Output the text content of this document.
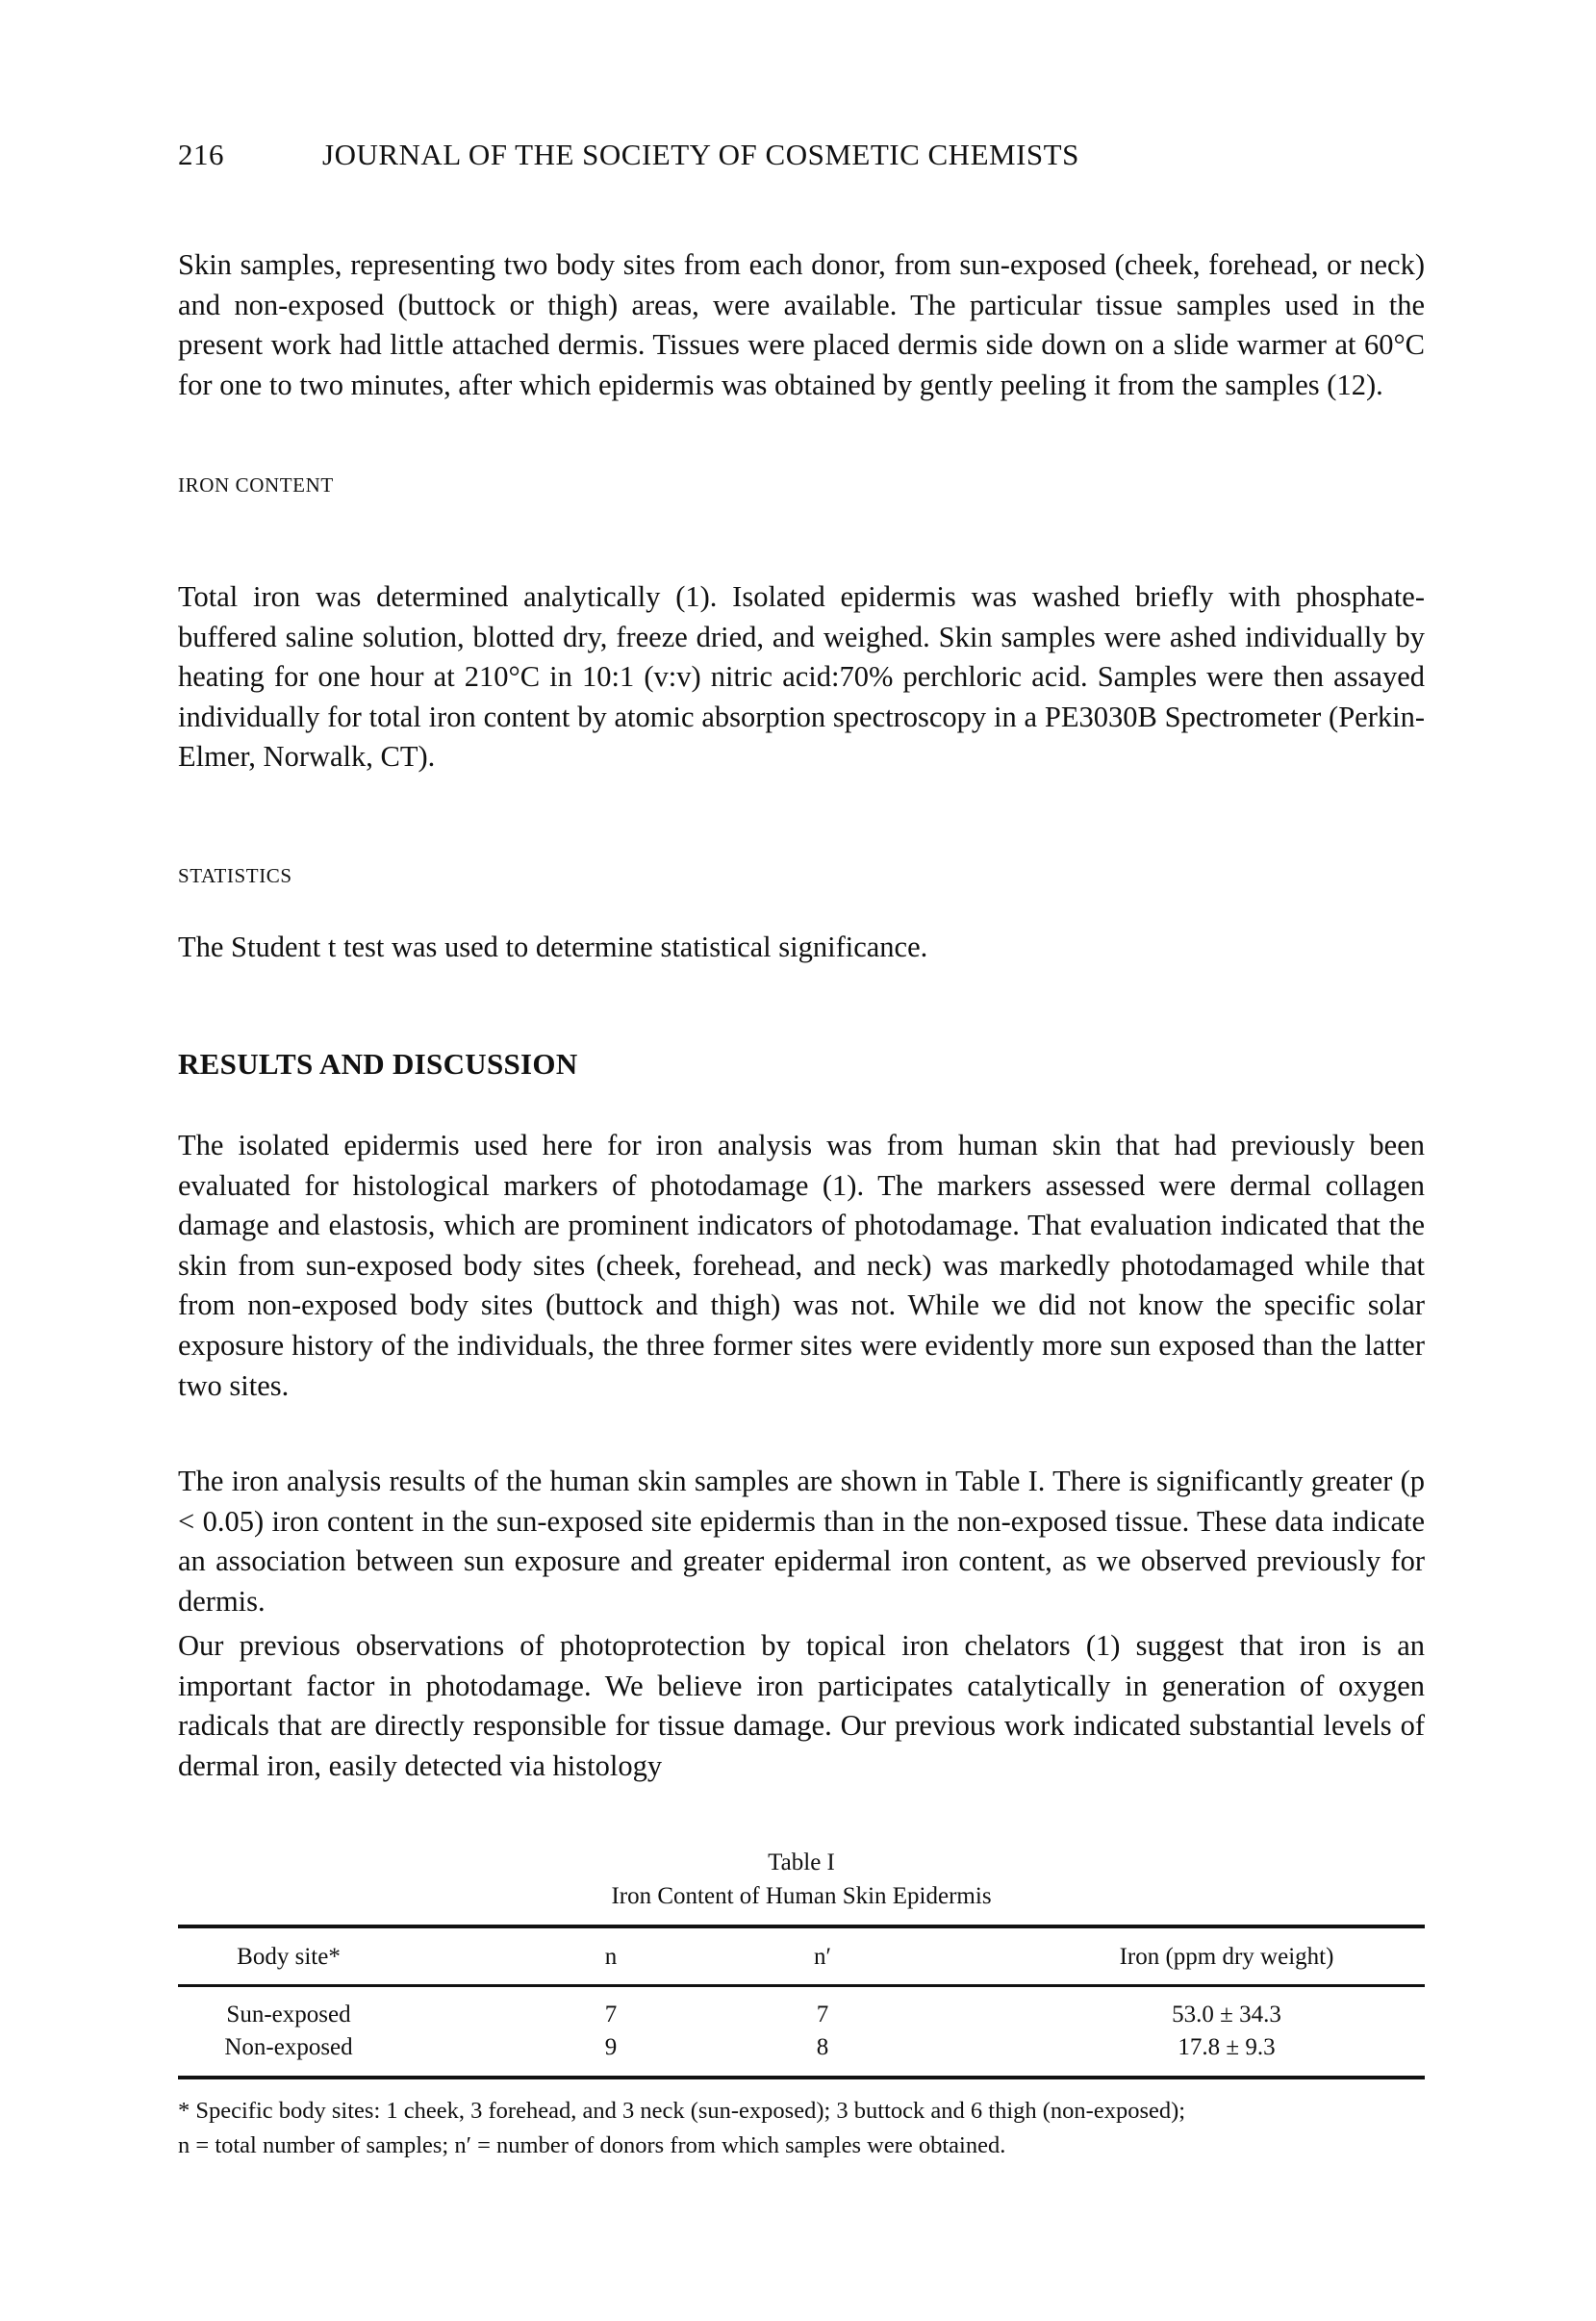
216	JOURNAL OF THE SOCIETY OF COSMETIC CHEMISTS

Skin samples, representing two body sites from each donor, from sun-exposed (cheek, forehead, or neck) and non-exposed (buttock or thigh) areas, were available. The particular tissue samples used in the present work had little attached dermis. Tissues were placed dermis side down on a slide warmer at 60°C for one to two minutes, after which epidermis was obtained by gently peeling it from the samples (12).

IRON CONTENT

Total iron was determined analytically (1). Isolated epidermis was washed briefly with phosphate-buffered saline solution, blotted dry, freeze dried, and weighed. Skin samples were ashed individually by heating for one hour at 210°C in 10:1 (v:v) nitric acid:70% perchloric acid. Samples were then assayed individually for total iron content by atomic absorption spectroscopy in a PE3030B Spectrometer (Perkin-Elmer, Norwalk, CT).

STATISTICS

The Student t test was used to determine statistical significance.

RESULTS AND DISCUSSION

The isolated epidermis used here for iron analysis was from human skin that had previously been evaluated for histological markers of photodamage (1). The markers assessed were dermal collagen damage and elastosis, which are prominent indicators of photodamage. That evaluation indicated that the skin from sun-exposed body sites (cheek, forehead, and neck) was markedly photodamaged while that from non-exposed body sites (buttock and thigh) was not. While we did not know the specific solar exposure history of the individuals, the three former sites were evidently more sun exposed than the latter two sites.

The iron analysis results of the human skin samples are shown in Table I. There is significantly greater (p < 0.05) iron content in the sun-exposed site epidermis than in the non-exposed tissue. These data indicate an association between sun exposure and greater epidermal iron content, as we observed previously for dermis.

Our previous observations of photoprotection by topical iron chelators (1) suggest that iron is an important factor in photodamage. We believe iron participates catalytically in generation of oxygen radicals that are directly responsible for tissue damage. Our previous work indicated substantial levels of dermal iron, easily detected via histology

Table I
Iron Content of Human Skin Epidermis
Body site*	n	n′	Iron (ppm dry weight)
Sun-exposed	7	7	53.0 ± 34.3
Non-exposed	9	8	17.8 ± 9.3
* Specific body sites: 1 cheek, 3 forehead, and 3 neck (sun-exposed); 3 buttock and 6 thigh (non-exposed);
n = total number of samples; n′ = number of donors from which samples were obtained.
